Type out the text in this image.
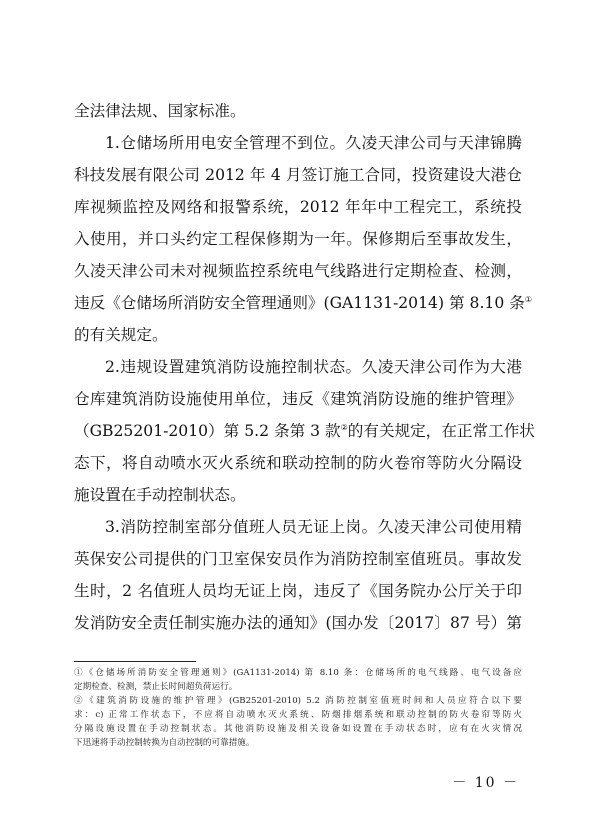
全法律法规、国家标准。
1.仓储场所用电安全管理不到位。久凌天津公司与天津锦腾
科技发展有限公司 2012 年 4 月签订施工合同，投资建设大港仓
库视频监控及网络和报警系统，2012 年年中工程完工，系统投
入使用，并口头约定工程保修期为一年。保修期后至事故发生，
久凌天津公司未对视频监控系统电气线路进行定期检查、检测，
违反《仓储场所消防安全管理通则》(GA1131-2014) 第 8.10 条①
的有关规定。
2.违规设置建筑消防设施控制状态。久凌天津公司作为大港
仓库建筑消防设施使用单位，违反《建筑消防设施的维护管理》
（GB25201-2010）第 5.2 条第 3 款②的有关规定，在正常工作状
态下，将自动喷水灭火系统和联动控制的防火卷帘等防火分隔设
施设置在手动控制状态。
3.消防控制室部分值班人员无证上岗。久凌天津公司使用精
英保安公司提供的门卫室保安员作为消防控制室值班员。事故发
生时，2 名值班人员均无证上岗，违反了《国务院办公厅关于印
发消防安全责任制实施办法的通知》(国办发〔2017〕87 号）第
①《仓储场所消防安全管理通则》(GA1131-2014) 第 8.10 条：仓储场所的电气线路、电气设备应
定期检查、检测，禁止长时间超负荷运行。
②《建筑消防设施的维护管理》(GB25201-2010) 5.2 消防控制室值班时间和人员应符合以下要
求：c) 正常工作状态下，不应将自动喷水灭火系统、防烟排烟系统和联动控制的防火卷帘等防火
分隔设施设置在手动控制状态。其他消防设施及相关设备如设置在手动状态时，应有在火灾情况
下迅速将手动控制转换为自动控制的可靠措施。
－ 10 －
